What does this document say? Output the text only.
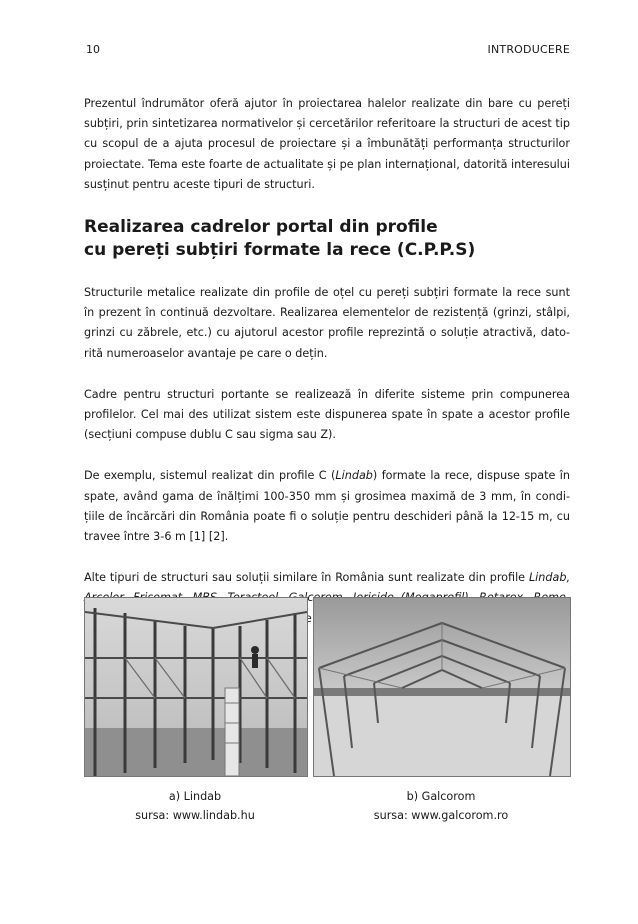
10	INTRODUCERE

Prezentul îndrumător oferă ajutor în proiectarea halelor realizate din bare cu pereți subțiri, prin sintetizarea normativelor și cercetărilor referitoare la structuri de acest tip cu scopul de a ajuta procesul de proiectare și a îmbunătăți performanța structurilor proiectate. Tema este foarte de actualitate și pe plan internațional, datorită interesului susținut pentru aceste tipuri de structuri.

Realizarea cadrelor portal din profile
cu pereți subțiri formate la rece (C.P.P.S)

Structurile metalice realizate din profile de oțel cu pereți subțiri formate la rece sunt în prezent în continuă dezvoltare. Realizarea elementelor de rezistență (grinzi, stâlpi, grinzi cu zăbrele, etc.) cu ajutorul acestor profile reprezintă o soluție atractivă, datorită numeroaselor avantaje pe care o dețin.

Cadre pentru structuri portante se realizează în diferite sisteme prin compunerea profilelor. Cel mai des utilizat sistem este dispunerea spate în spate a acestor profile (secțiuni compuse dublu C sau sigma sau Z).

De exemplu, sistemul realizat din profile C (Lindab) formate la rece, dispuse spate în spate, având gama de înălțimi 100-350 mm și grosimea maximă de 3 mm, în condițiile de încărcări din România poate fi o soluție pentru deschideri până la 12-15 m, cu travee între 3-6 m [1] [2].

Alte tipuri de structuri sau soluții similare în România sunt realizate din profile Lindab,

a) Lindab
sursa: www.lindab.hu
b) Galcorom
sursa: www.galcorom.ro
